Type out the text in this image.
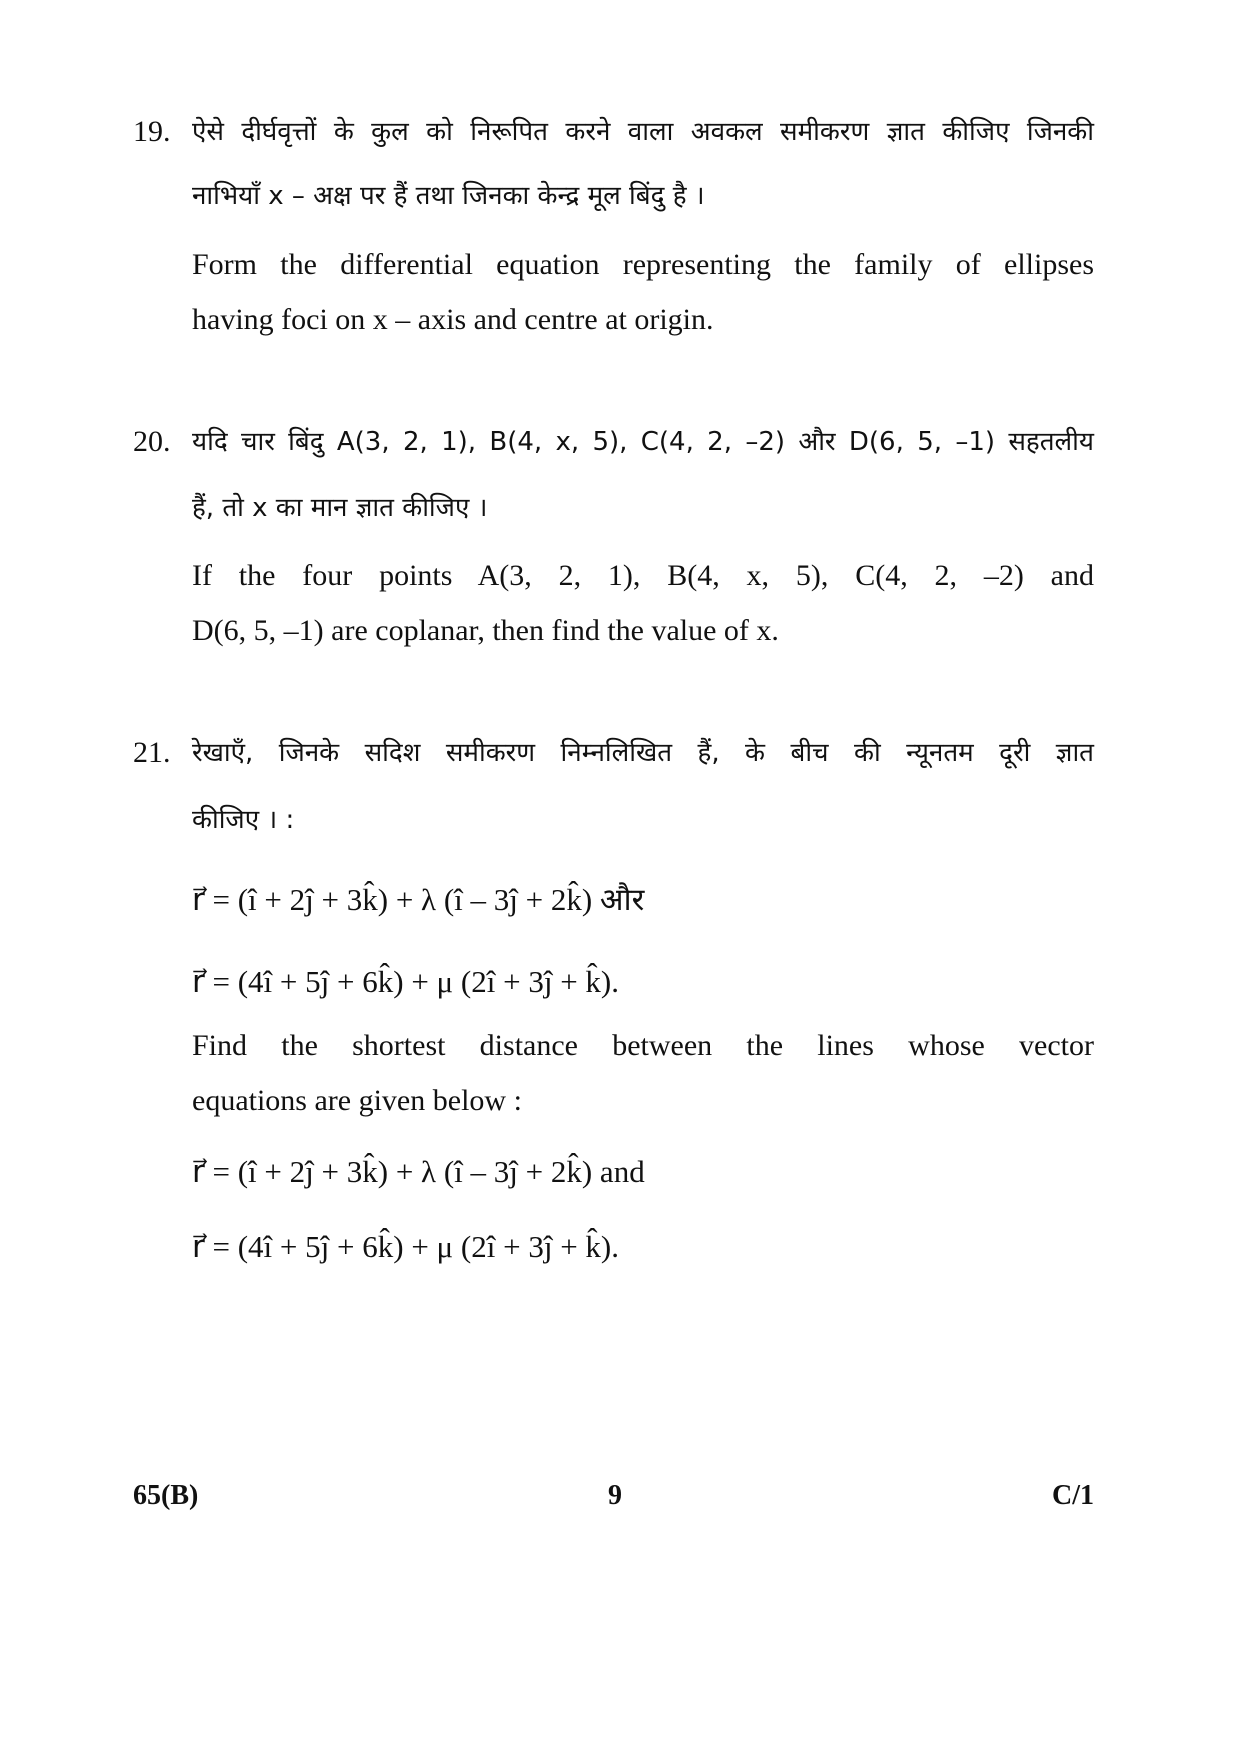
19. ऐसे दीर्घवृत्तों के कुल को निरूपित करने वाला अवकल समीकरण ज्ञात कीजिए जिनकी
नाभियाँ x – अक्ष पर हैं तथा जिनका केन्द्र मूल बिंदु है ।
Form the differential equation representing the family of ellipses
having foci on x – axis and centre at origin.
20. यदि चार बिंदु A(3, 2, 1), B(4, x, 5), C(4, 2, –2) और D(6, 5, –1) सहतलीय
हैं, तो x का मान ज्ञात कीजिए ।
If the four points A(3, 2, 1), B(4, x, 5), C(4, 2, –2) and
D(6, 5, –1) are coplanar, then find the value of x.
21. रेखाएँ, जिनके सदिश समीकरण निम्नलिखित हैं, के बीच की न्यूनतम दूरी ज्ञात
कीजिए । :
r⃗ = (î + 2ĵ + 3k̂) + λ (î – 3ĵ + 2k̂) और
r⃗ = (4î + 5ĵ + 6k̂) + μ (2î + 3ĵ + k̂).
Find the shortest distance between the lines whose vector
equations are given below :
r⃗ = (î + 2ĵ + 3k̂) + λ (î – 3ĵ + 2k̂) and
r⃗ = (4î + 5ĵ + 6k̂) + μ (2î + 3ĵ + k̂).
65(B)	9	C/1
